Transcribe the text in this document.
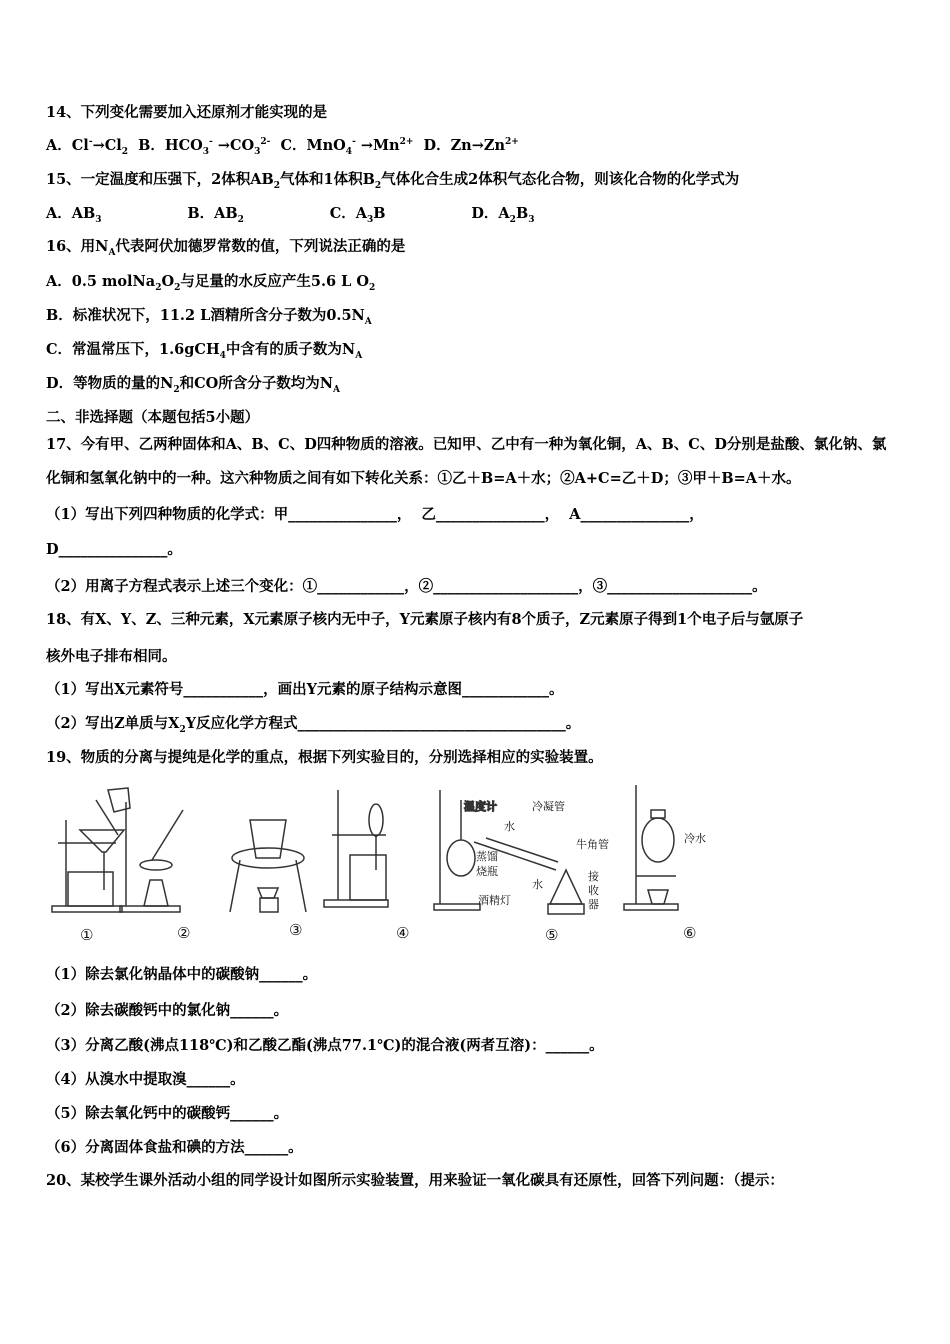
14、下列变化需要加入还原剂才能实现的是
A．$Cl^-\to Cl_2$  B．$HCO_3^- \to CO_3^{2-}$  C．$MnO_4^- \to Mn^{2+}$  D．$Zn\to Zn^{2+}$
15、一定温度和压强下，2体积$AB_2$气体和1体积$B_2$气体化合生成2体积气态化合物，则该化合物的化学式为
A．$AB_3$                 B．$AB_2$                 C．$A_3B$                 D．$A_2B_3$
16、用$N_A$代表阿伏加德罗常数的值，下列说法正确的是
A．0.5 $molNa_2O_2$与足量的水反应产生5.6 L $O_2$
B．标准状况下，11.2 L酒精所含分子数为$0.5N_A$
C．常温常压下，1.6gCH$_4$中含有的质子数为$N_A$
D．等物质的量的$N_2$和CO所含分子数均为$N_A$
二、非选择题（本题包括5小题）
17、今有甲、乙两种固体和A、B、C、D四种物质的溶液。已知甲、乙中有一种为氧化铜，A、B、C、D分别是盐酸、氯化钠、氯
化铜和氢氧化钠中的一种。这六种物质之间有如下转化关系：①乙＋B=A＋水；②A+C=乙＋D；③甲＋B=A＋水。
（1）写出下列四种物质的化学式：甲_______________，  乙_______________，  A_______________，
D_______________。
（2）用离子方程式表示上述三个变化：①____________，②____________________，③____________________。
18、有X、Y、Z、三种元素，X元素原子核内无中子，Y元素原子核内有8个质子，Z元素原子得到1个电子后与氩原子
核外电子排布相同。
（1）写出X元素符号___________，画出Y元素的原子结构示意图____________。
（2）写出Z单质与$X_2Y$反应化学方程式_____________________________________。
19、物质的分离与提纯是化学的重点，根据下列实验目的，分别选择相应的实验装置。
（1）除去氯化钠晶体中的碳酸钠______。
（2）除去碳酸钙中的氯化钠______。
（3）分离乙酸(沸点118℃)和乙酸乙酯(沸点77.1℃)的混合液(两者互溶)：______。
（4）从溴水中提取溴______。
（5）除去氧化钙中的碳酸钙______。
（6）分离固体食盐和碘的方法______。
20、某校学生课外活动小组的同学设计如图所示实验装置，用来验证一氧化碳具有还原性，回答下列问题：（提示：
温度计
①	②	③	④	⑤	⑥
水
冷凝管
牛角管
蒸馏
烧瓶
酒精灯
水
接
收
器
冷水
